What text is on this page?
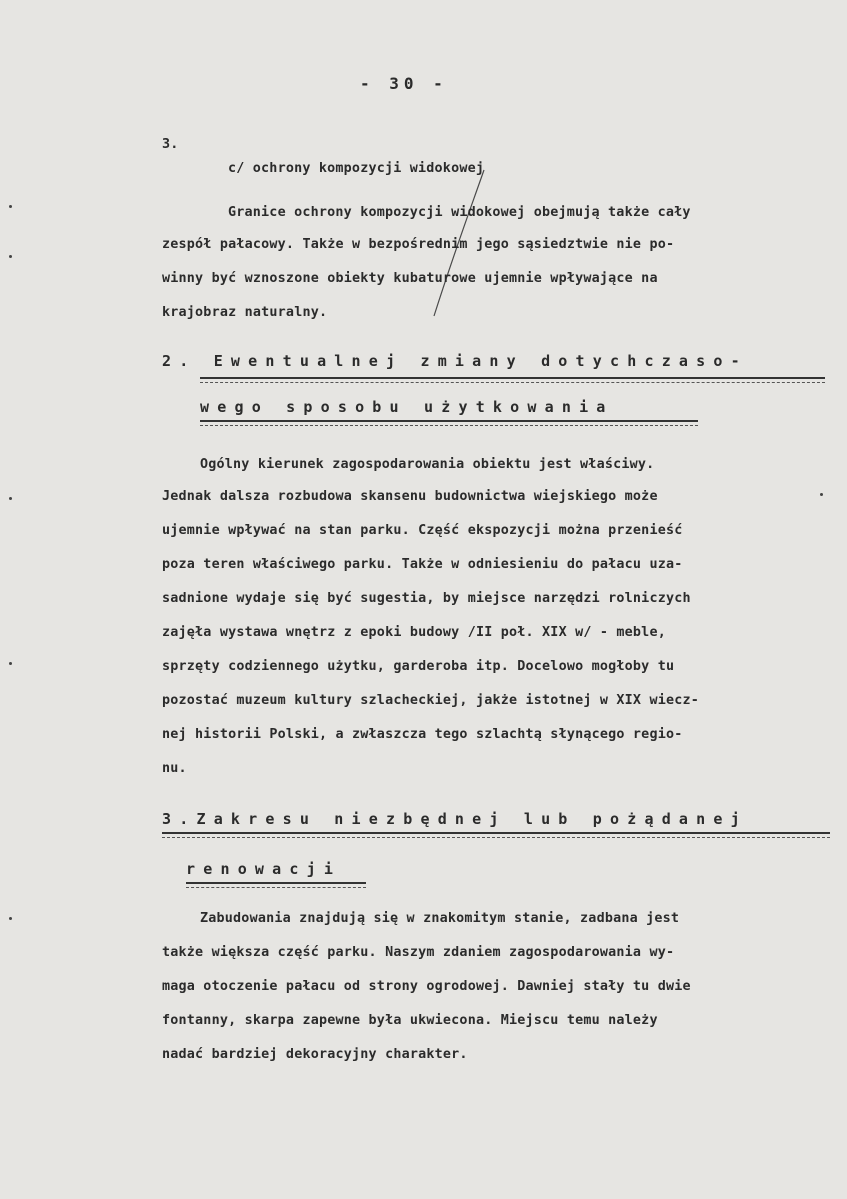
- 30 -
3.
c/ ochrony kompozycji widokowej
Granice ochrony kompozycji widokowej obejmują także cały
zespół pałacowy. Także w bezpośrednim jego sąsiedztwie nie po-
winny być wznoszone obiekty kubaturowe ujemnie wpływające na
krajobraz naturalny.
2. Ewentualnej zmiany dotychczaso-
wego sposobu użytkowania
Ogólny kierunek zagospodarowania obiektu jest właściwy.
Jednak dalsza rozbudowa skansenu budownictwa wiejskiego może
ujemnie wpływać na stan parku. Część ekspozycji można przenieść
poza teren właściwego parku. Także w odniesieniu do pałacu uza-
sadnione wydaje się być sugestia, by miejsce narzędzi rolniczych
zajęła wystawa wnętrz z epoki budowy /II poł. XIX w/ - meble,
sprzęty codziennego użytku, garderoba itp. Docelowo mogłoby tu
pozostać muzeum kultury szlacheckiej, jakże istotnej w XIX wiecz-
nej historii Polski, a zwłaszcza tego szlachtą słynącego regio-
nu.
3.Zakresu niezbędnej lub pożądanej
renowacji
Zabudowania znajdują się w znakomitym stanie, zadbana jest
także większa część parku. Naszym zdaniem zagospodarowania wy-
maga otoczenie pałacu od strony ogrodowej. Dawniej stały tu dwie
fontanny, skarpa zapewne była ukwiecona. Miejscu temu należy
nadać bardziej dekoracyjny charakter.
